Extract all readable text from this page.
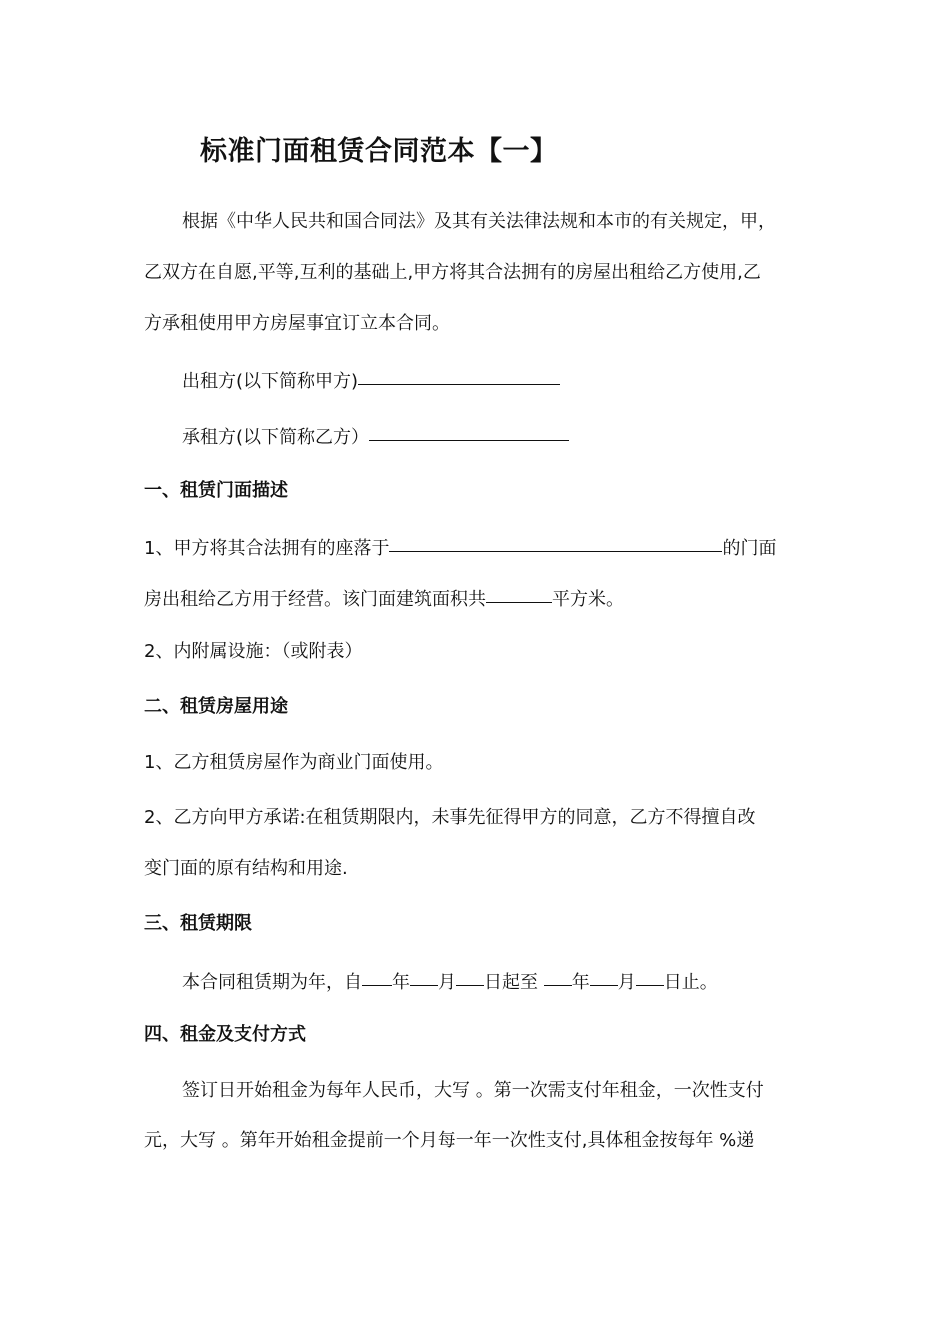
标准门面租赁合同范本【一】
根据《中华人民共和国合同法》及其有关法律法规和本市的有关规定，甲，
乙双方在自愿,平等,互利的基础上,甲方将其合法拥有的房屋出租给乙方使用,乙
方承租使用甲方房屋事宜订立本合同。
出租方(以下简称甲方)
承租方(以下简称乙方）
一、租赁门面描述
1、甲方将其合法拥有的座落于	的门面
房出租给乙方用于经营。该门面建筑面积共	平方米。
2、内附属设施：（或附表）
二、租赁房屋用途
1、乙方租赁房屋作为商业门面使用。
2、乙方向甲方承诺:在租赁期限内，未事先征得甲方的同意，乙方不得擅自改
变门面的原有结构和用途.
三、租赁期限
本合同租赁期为年，自 年 月 日起至 年 月 日止。
四、租金及支付方式
签订日开始租金为每年人民币，大写 。第一次需支付年租金，一次性支付
元，大写 。第年开始租金提前一个月每一年一次性支付,具体租金按每年 %递
